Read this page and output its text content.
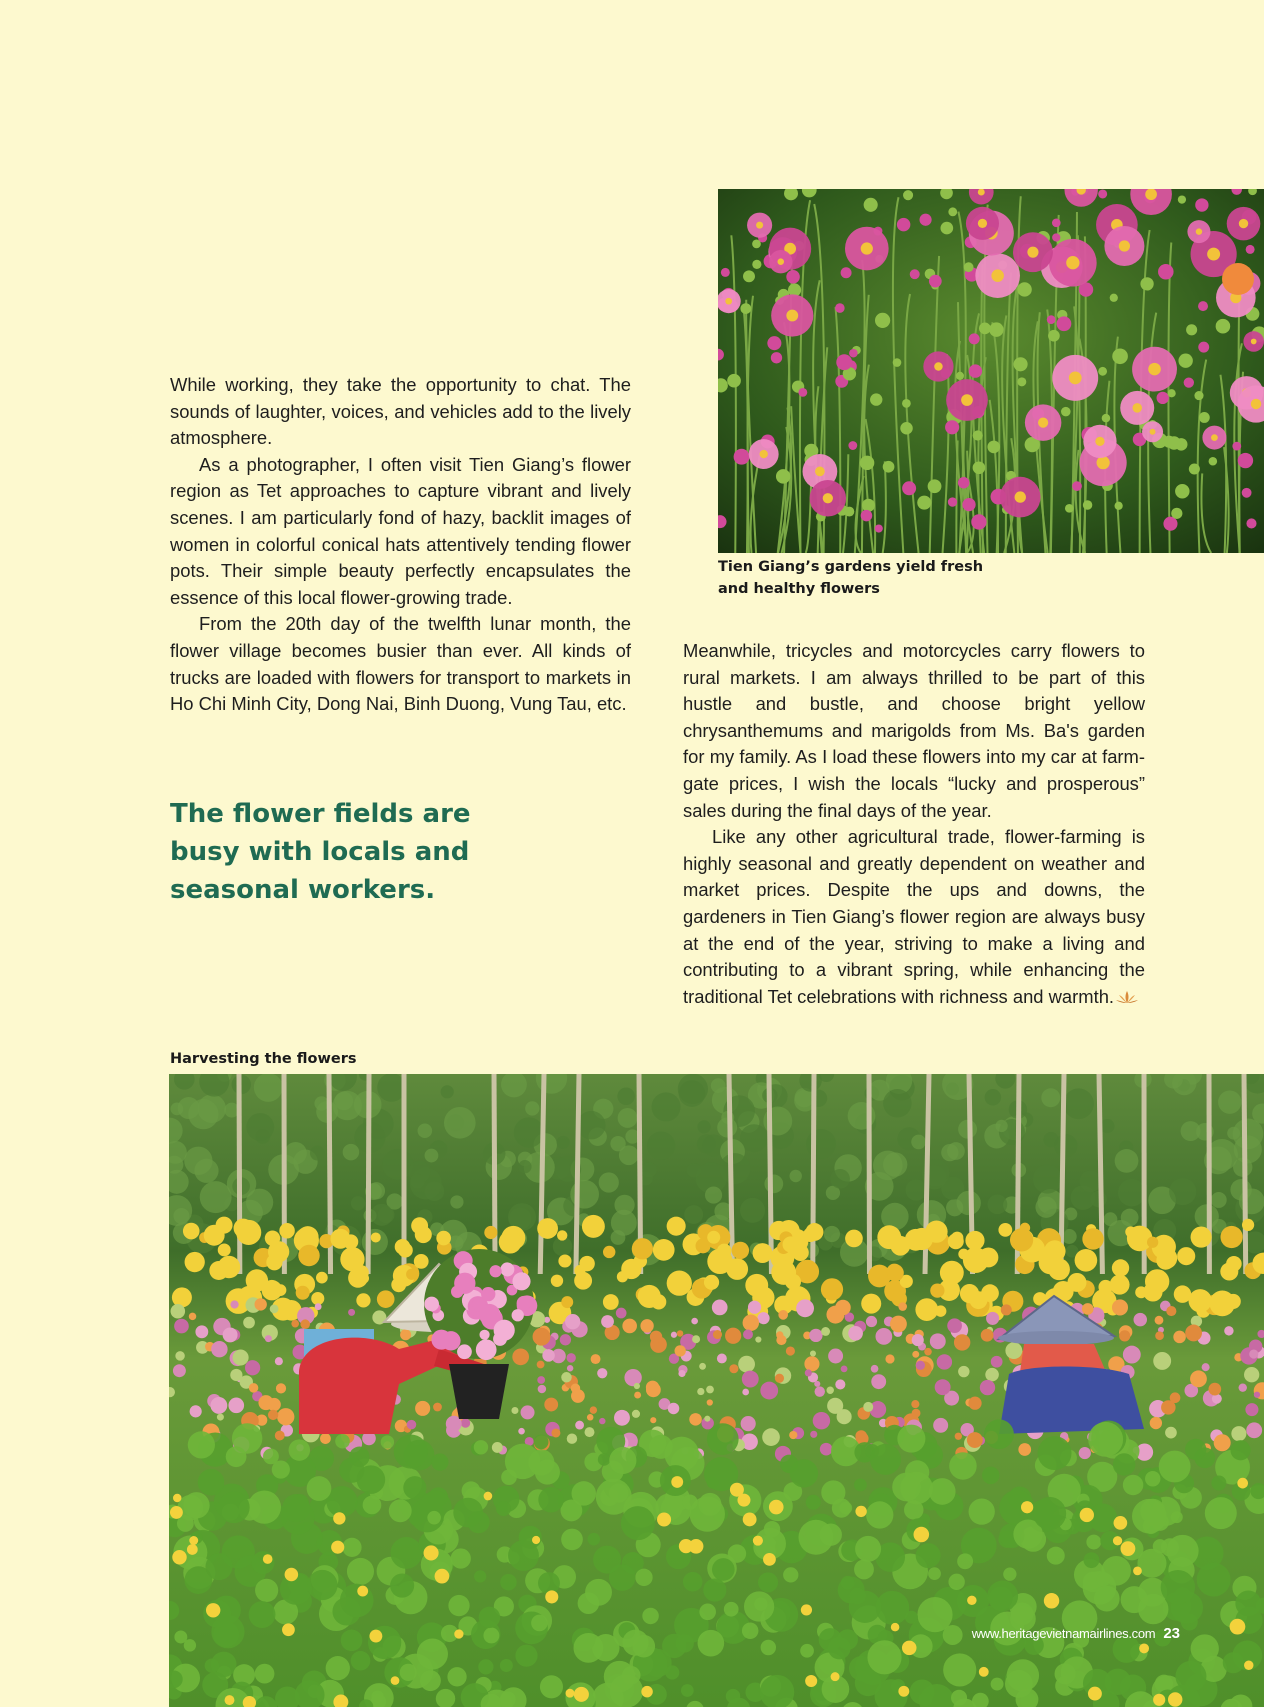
Tien Giang’s gardens yield fresh and healthy flowers

While working, they take the opportunity to chat. The sounds of laughter, voices, and vehicles add to the lively atmosphere.

As a photographer, I often visit Tien Giang’s flower region as Tet approaches to capture vibrant and lively scenes. I am particularly fond of hazy, backlit images of women in colorful conical hats attentively tending flower pots. Their simple beauty perfectly encapsulates the essence of this local flower-growing trade.

From the 20th day of the twelfth lunar month, the flower village becomes busier than ever. All kinds of trucks are loaded with flowers for transport to markets in Ho Chi Minh City, Dong Nai, Binh Duong, Vung Tau, etc.

The flower fields are busy with locals and seasonal workers.

Meanwhile, tricycles and motorcycles carry flowers to rural markets. I am always thrilled to be part of this hustle and bustle, and choose bright yellow chrysanthemums and marigolds from Ms. Ba's garden for my family. As I load these flowers into my car at farm-gate prices, I wish the locals “lucky and prosperous” sales during the final days of the year.

Like any other agricultural trade, flower-farming is highly seasonal and greatly dependent on weather and market prices. Despite the ups and downs, the gardeners in Tien Giang’s flower region are always busy at the end of the year, striving to make a living and contributing to a vibrant spring, while enhancing the traditional Tet celebrations with richness and warmth.

Harvesting the flowers
www.heritagevietnamairlines.com 23
